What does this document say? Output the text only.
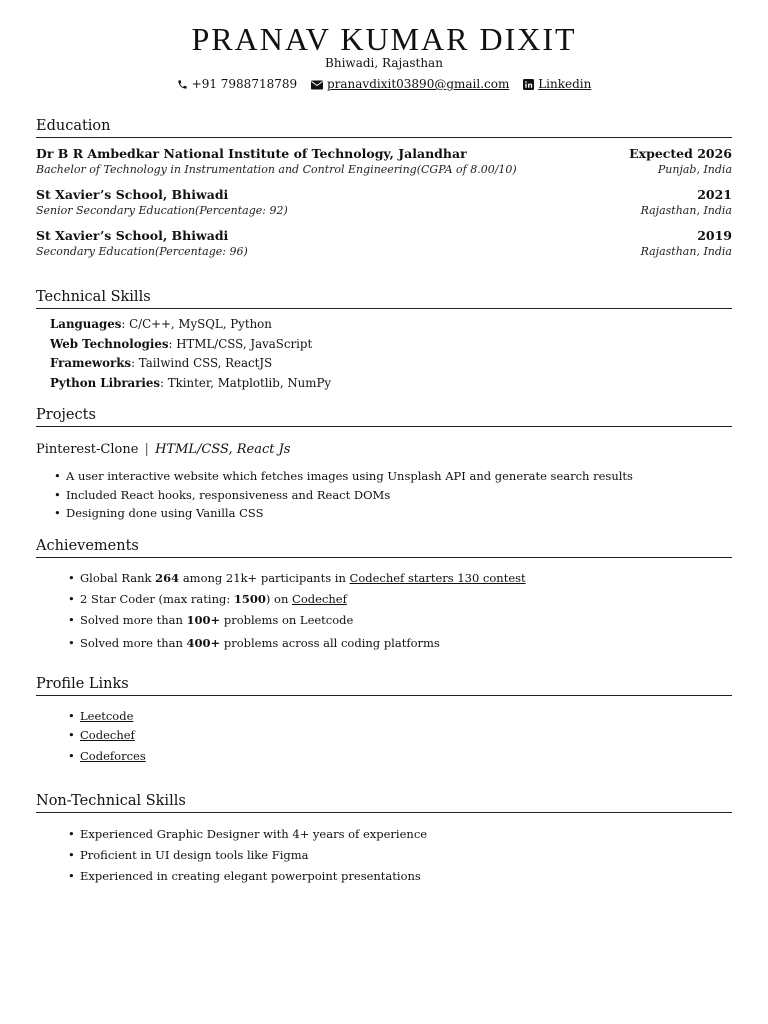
PRANAV KUMAR DIXIT
Bhiwadi, Rajasthan
+91 7988718789 pranavdixit03890@gmail.com Linkedin
Education
Dr B R Ambedkar National Institute of Technology, Jalandhar	Expected 2026
Bachelor of Technology in Instrumentation and Control Engineering(CGPA of 8.00/10)	Punjab, India
St Xavier’s School, Bhiwadi	2021
Senior Secondary Education(Percentage: 92)	Rajasthan, India
St Xavier’s School, Bhiwadi	2019
Secondary Education(Percentage: 96)	Rajasthan, India
Technical Skills
Languages: C/C++, MySQL, Python
Web Technologies: HTML/CSS, JavaScript
Frameworks: Tailwind CSS, ReactJS
Python Libraries: Tkinter, Matplotlib, NumPy
Projects
Pinterest-Clone | HTML/CSS, React Js
• A user interactive website which fetches images using Unsplash API and generate search results
• Included React hooks, responsiveness and React DOMs
• Designing done using Vanilla CSS
Achievements
• Global Rank 264 among 21k+ participants in Codechef starters 130 contest
• 2 Star Coder (max rating: 1500) on Codechef
• Solved more than 100+ problems on Leetcode
• Solved more than 400+ problems across all coding platforms
Profile Links
• Leetcode
• Codechef
• Codeforces
Non-Technical Skills
• Experienced Graphic Designer with 4+ years of experience
• Proficient in UI design tools like Figma
• Experienced in creating elegant powerpoint presentations
